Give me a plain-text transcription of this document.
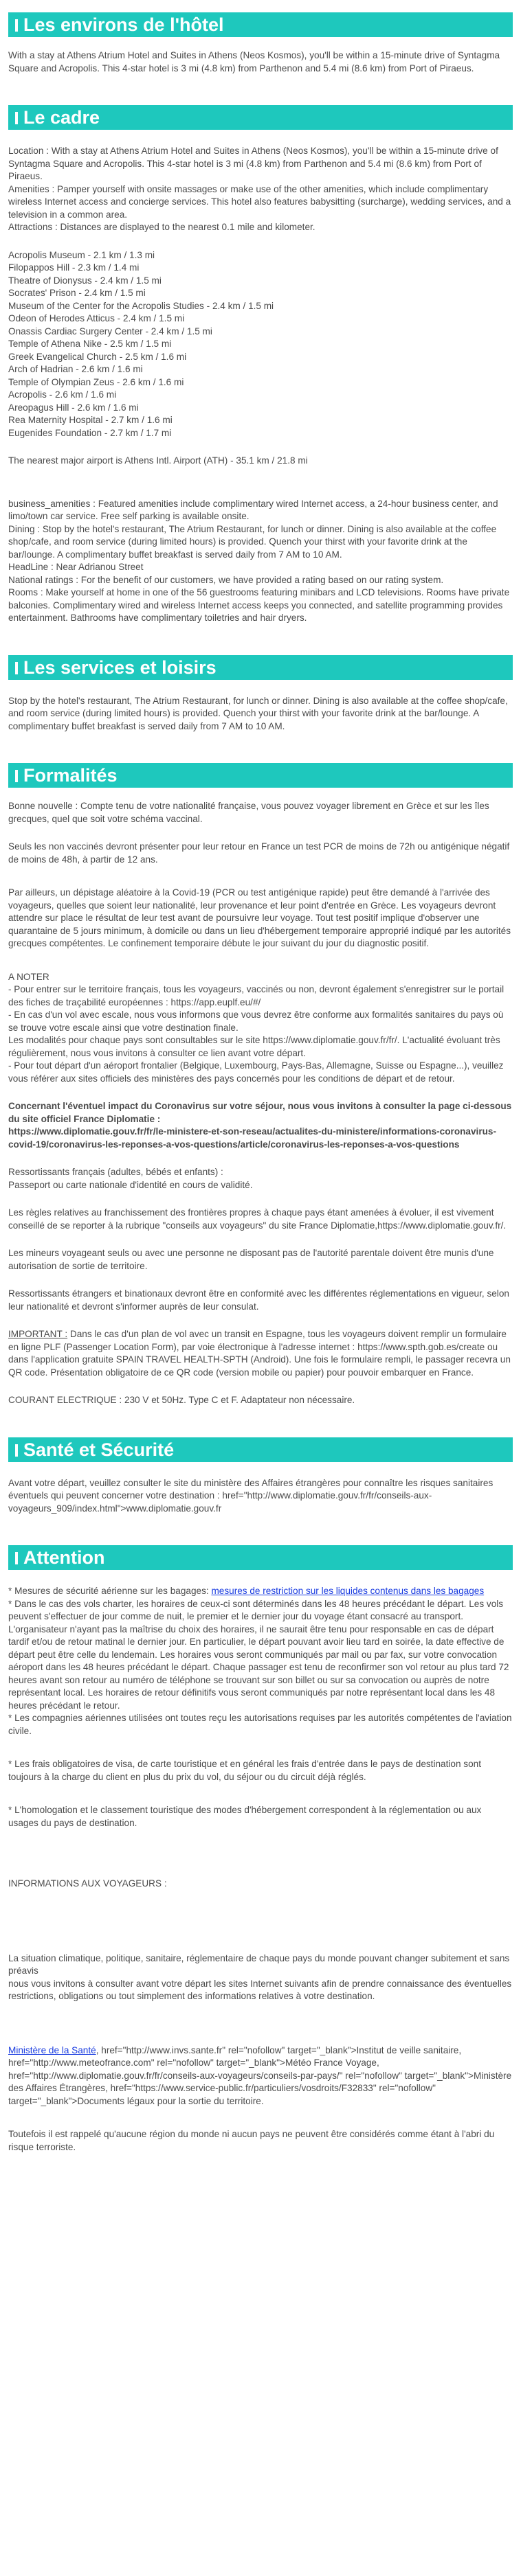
Les environs de l'hôtel

With a stay at Athens Atrium Hotel and Suites in Athens (Neos Kosmos), you'll be within a 15-minute drive of Syntagma Square and Acropolis. This 4-star hotel is 3 mi (4.8 km) from Parthenon and 5.4 mi (8.6 km) from Port of Piraeus.

Le cadre

Location : With a stay at Athens Atrium Hotel and Suites in Athens (Neos Kosmos), you'll be within a 15-minute drive of Syntagma Square and Acropolis. This 4-star hotel is 3 mi (4.8 km) from Parthenon and 5.4 mi (8.6 km) from Port of Piraeus.

Amenities : Pamper yourself with onsite massages or make use of the other amenities, which include complimentary wireless Internet access and concierge services. This hotel also features babysitting (surcharge), wedding services, and a television in a common area.

Attractions : Distances are displayed to the nearest 0.1 mile and kilometer.

Acropolis Museum - 2.1 km / 1.3 mi
Filopappos Hill - 2.3 km / 1.4 mi
Theatre of Dionysus - 2.4 km / 1.5 mi
Socrates' Prison - 2.4 km / 1.5 mi
Museum of the Center for the Acropolis Studies - 2.4 km / 1.5 mi
Odeon of Herodes Atticus - 2.4 km / 1.5 mi
Onassis Cardiac Surgery Center - 2.4 km / 1.5 mi
Temple of Athena Nike - 2.5 km / 1.5 mi
Greek Evangelical Church - 2.5 km / 1.6 mi
Arch of Hadrian - 2.6 km / 1.6 mi
Temple of Olympian Zeus - 2.6 km / 1.6 mi
Acropolis - 2.6 km / 1.6 mi
Areopagus Hill - 2.6 km / 1.6 mi
Rea Maternity Hospital - 2.7 km / 1.6 mi
Eugenides Foundation - 2.7 km / 1.7 mi

The nearest major airport is Athens Intl. Airport (ATH) - 35.1 km / 21.8 mi

business_amenities : Featured amenities include complimentary wired Internet access, a 24-hour business center, and limo/town car service. Free self parking is available onsite.

Dining : Stop by the hotel's restaurant, The Atrium Restaurant, for lunch or dinner. Dining is also available at the coffee shop/cafe, and room service (during limited hours) is provided. Quench your thirst with your favorite drink at the bar/lounge. A complimentary buffet breakfast is served daily from 7 AM to 10 AM.

HeadLine : Near Adrianou Street

National ratings : For the benefit of our customers, we have provided a rating based on our rating system.

Rooms : Make yourself at home in one of the 56 guestrooms featuring minibars and LCD televisions. Rooms have private balconies. Complimentary wired and wireless Internet access keeps you connected, and satellite programming provides entertainment. Bathrooms have complimentary toiletries and hair dryers.

Les services et loisirs

Stop by the hotel's restaurant, The Atrium Restaurant, for lunch or dinner. Dining is also available at the coffee shop/cafe, and room service (during limited hours) is provided. Quench your thirst with your favorite drink at the bar/lounge. A complimentary buffet breakfast is served daily from 7 AM to 10 AM.

Formalités

Bonne nouvelle : Compte tenu de votre nationalité française, vous pouvez voyager librement en Grèce et sur les îles grecques, quel que soit votre schéma vaccinal.

Seuls les non vaccinés devront présenter pour leur retour en France un test PCR de moins de 72h ou antigénique négatif de moins de 48h, à partir de 12 ans.

Par ailleurs, un dépistage aléatoire à la Covid-19 (PCR ou test antigénique rapide) peut être demandé à l'arrivée des voyageurs, quelles que soient leur nationalité, leur provenance et leur point d'entrée en Grèce. Les voyageurs devront attendre sur place le résultat de leur test avant de poursuivre leur voyage. Tout test positif implique d'observer une quarantaine de 5 jours minimum, à domicile ou dans un lieu d'hébergement temporaire approprié indiqué par les autorités grecques compétentes. Le confinement temporaire débute le jour suivant du jour du diagnostic positif.

A NOTER

- Pour entrer sur le territoire français, tous les voyageurs, vaccinés ou non, devront également s'enregistrer sur le portail des fiches de traçabilité européennes : https://app.euplf.eu/#/

- En cas d'un vol avec escale, nous vous informons que vous devrez être conforme aux formalités sanitaires du pays où se trouve votre escale ainsi que votre destination finale.

Les modalités pour chaque pays sont consultables sur le site https://www.diplomatie.gouv.fr/fr/. L'actualité évoluant très régulièrement, nous vous invitons à consulter ce lien avant votre départ.

- Pour tout départ d'un aéroport frontalier (Belgique, Luxembourg, Pays-Bas, Allemagne, Suisse ou Espagne...), veuillez vous référer aux sites officiels des ministères des pays concernés pour les conditions de départ et de retour.

Concernant l'éventuel impact du Coronavirus sur votre séjour, nous vous invitons à consulter la page ci-dessous du site officiel France Diplomatie :
https://www.diplomatie.gouv.fr/fr/le-ministere-et-son-reseau/actualites-du-ministere/informations-coronavirus-covid-19/coronavirus-les-reponses-a-vos-questions/article/coronavirus-les-reponses-a-vos-questions

Ressortissants français (adultes, bébés et enfants) :
Passeport ou carte nationale d'identité en cours de validité.

Les règles relatives au franchissement des frontières propres à chaque pays étant amenées à évoluer, il est vivement conseillé de se reporter à la rubrique "conseils aux voyageurs" du site France Diplomatie,https://www.diplomatie.gouv.fr/.

Les mineurs voyageant seuls ou avec une personne ne disposant pas de l'autorité parentale doivent être munis d'une autorisation de sortie de territoire.

Ressortissants étrangers et binationaux devront être en conformité avec les différentes réglementations en vigueur, selon leur nationalité et devront s'informer auprès de leur consulat.

IMPORTANT : Dans le cas d'un plan de vol avec un transit en Espagne, tous les voyageurs doivent remplir un formulaire en ligne PLF (Passenger Location Form), par voie électronique à l'adresse internet : https://www.spth.gob.es/create ou dans l'application gratuite SPAIN TRAVEL HEALTH-SPTH (Android). Une fois le formulaire rempli, le passager recevra un QR code. Présentation obligatoire de ce QR code (version mobile ou papier) pour pouvoir embarquer en France.

COURANT ELECTRIQUE : 230 V et 50Hz. Type C et F. Adaptateur non nécessaire.

Santé et Sécurité

Avant votre départ, veuillez consulter le site du ministère des Affaires étrangères pour connaître les risques sanitaires éventuels qui peuvent concerner votre destination : href="http://www.diplomatie.gouv.fr/fr/conseils-aux-voyageurs_909/index.html">www.diplomatie.gouv.fr

Attention

* Mesures de sécurité aérienne sur les bagages: mesures de restriction sur les liquides contenus dans les bagages
* Dans le cas des vols charter, les horaires de ceux-ci sont déterminés dans les 48 heures précédant le départ. Les vols peuvent s'effectuer de jour comme de nuit, le premier et le dernier jour du voyage étant consacré au transport. L'organisateur n'ayant pas la maîtrise du choix des horaires, il ne saurait être tenu pour responsable en cas de départ tardif et/ou de retour matinal le dernier jour. En particulier, le départ pouvant avoir lieu tard en soirée, la date effective de départ peut être celle du lendemain. Les horaires vous seront communiqués par mail ou par fax, sur votre convocation aéroport dans les 48 heures précédant le départ. Chaque passager est tenu de reconfirmer son vol retour au plus tard 72 heures avant son retour au numéro de téléphone se trouvant sur son billet ou sur sa convocation ou auprès de notre représentant local. Les horaires de retour définitifs vous seront communiqués par notre représentant local dans les 48 heures précédant le retour.
* Les compagnies aériennes utilisées ont toutes reçu les autorisations requises par les autorités compétentes de l'aviation civile.

* Les frais obligatoires de visa, de carte touristique et en général les frais d'entrée dans le pays de destination sont toujours à la charge du client en plus du prix du vol, du séjour ou du circuit déjà réglés.

* L'homologation et le classement touristique des modes d'hébergement correspondent à la réglementation ou aux usages du pays de destination.

INFORMATIONS AUX VOYAGEURS :

La situation climatique, politique, sanitaire, réglementaire de chaque pays du monde pouvant changer subitement et sans préavis
nous vous invitons à consulter avant votre départ les sites Internet suivants afin de prendre connaissance des éventuelles restrictions, obligations ou tout simplement des informations relatives à votre destination.

Ministère de la Santé, href="http://www.invs.sante.fr" rel="nofollow" target="_blank">Institut de veille sanitaire, href="http://www.meteofrance.com" rel="nofollow" target="_blank">Météo France Voyage, href="http://www.diplomatie.gouv.fr/fr/conseils-aux-voyageurs/conseils-par-pays/" rel="nofollow" target="_blank">Ministère des Affaires Étrangères, href="https://www.service-public.fr/particuliers/vosdroits/F32833" rel="nofollow" target="_blank">Documents légaux pour la sortie du territoire.

Toutefois il est rappelé qu'aucune région du monde ni aucun pays ne peuvent être considérés comme étant à l'abri du risque terroriste.
